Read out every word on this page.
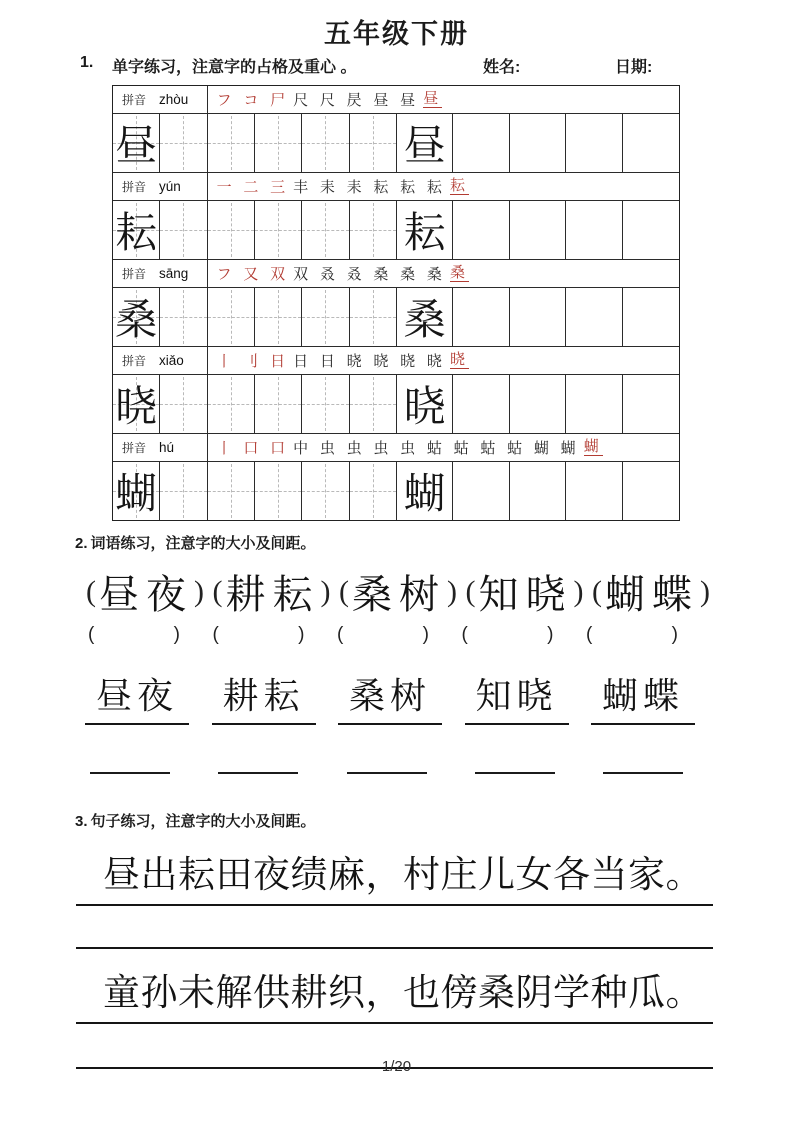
五年级下册
1. 单字练习，注意字的占格及重心 。	姓名:	日期:
拼音 zhòu フ コ 尸 尺 尺 昃 昼 昼 昼
昼	昼
拼音 yún 一 二 三 丰 耒 耒 耘 耘 耘 耘
耘	耘
拼音 sāng フ 又 双 双 叒 叒 桑 桑 桑 桑
桑	桑
拼音 xiǎo 丨 刂 日 日 日 晓 晓 晓 晓 晓
晓	晓
拼音 hú	丨 口 口 中 虫 虫 虫 虫 蛄 蛄 蛄 蛄 蝴 蝴 蝴
蝴	蝴
2. 词语练习，注意字的大小及间距。
( 昼夜 ) ( 耕耘 ) ( 桑树 ) ( 知晓 ) ( 蝴蝶 )
(	) (	) (	) (	) (	)
昼夜	耕耘	桑树	知晓	蝴蝶
3. 句子练习，注意字的大小及间距。
昼出耘田夜绩麻，村庄儿女各当家。
童孙未解供耕织，也傍桑阴学种瓜。
1/20
